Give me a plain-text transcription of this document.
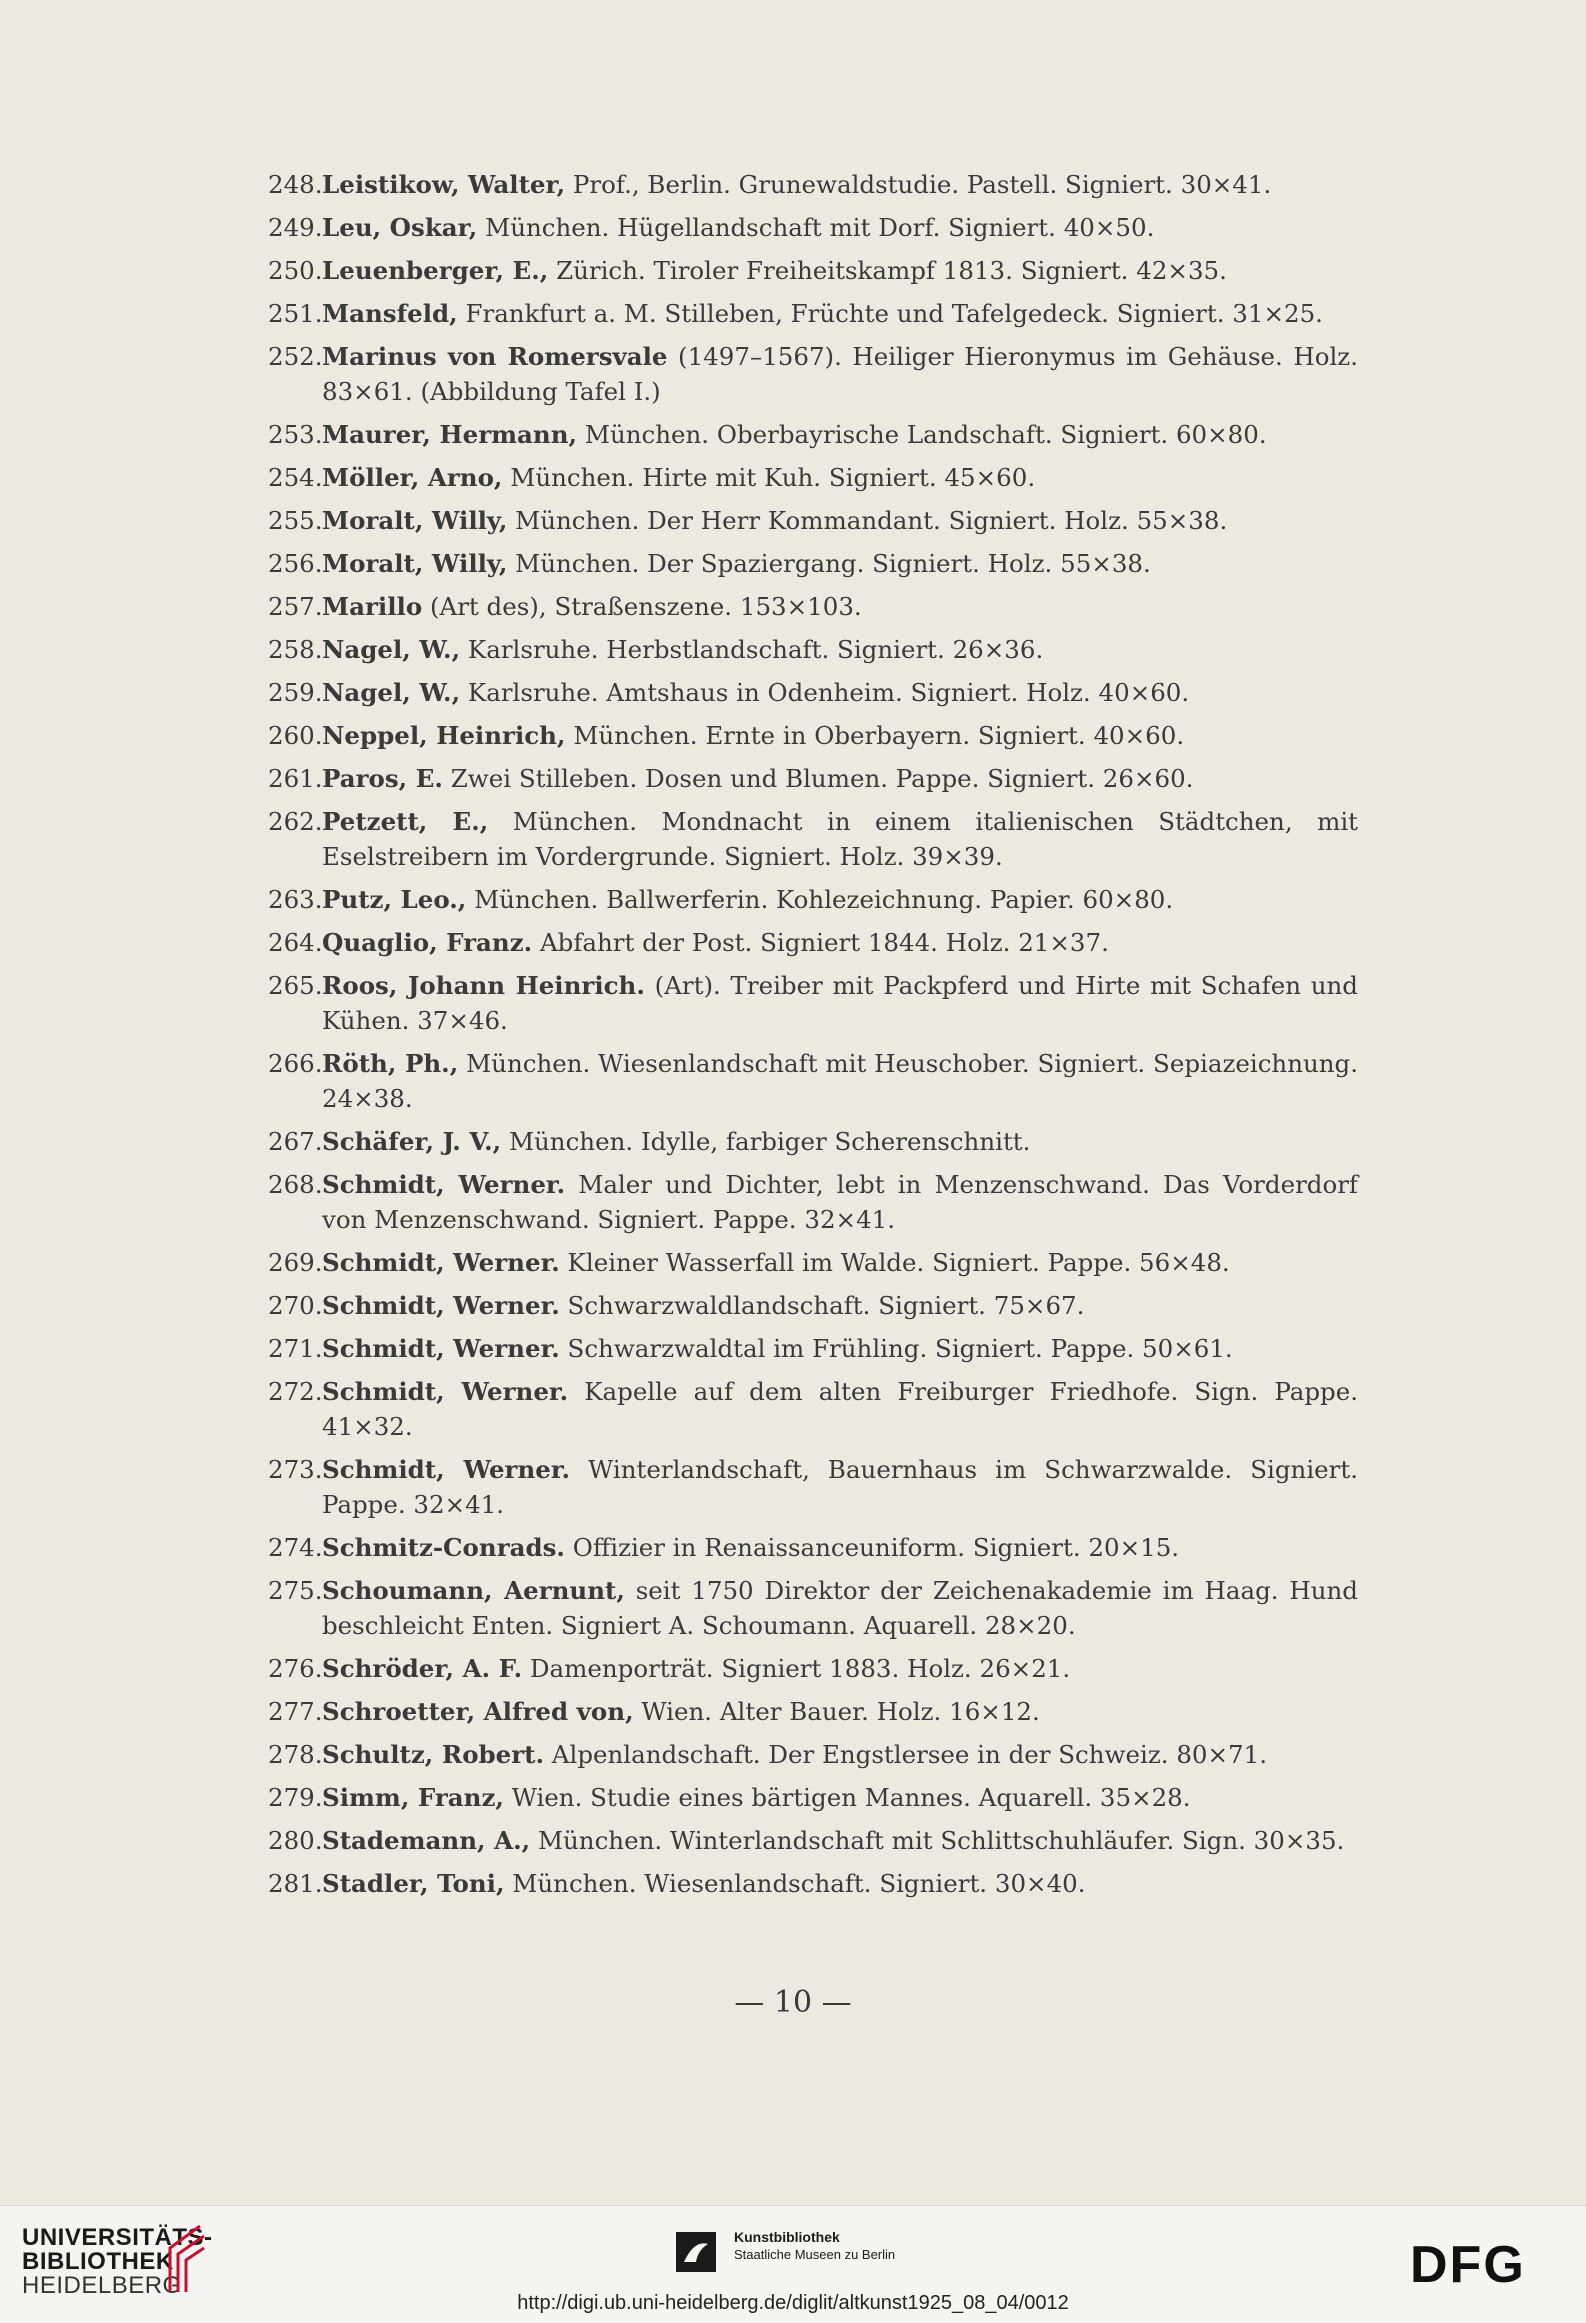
248. Leistikow, Walter, Prof., Berlin. Grunewaldstudie. Pastell. Signiert. 30×41.
249. Leu, Oskar, München. Hügellandschaft mit Dorf. Signiert. 40×50.
250. Leuenberger, E., Zürich. Tiroler Freiheitskampf 1813. Signiert. 42×35.
251. Mansfeld, Frankfurt a. M. Stilleben, Früchte und Tafelgedeck. Signiert. 31×25.
252. Marinus von Romersvale (1497–1567). Heiliger Hieronymus im Gehäuse. Holz. 83×61. (Abbildung Tafel I.)
253. Maurer, Hermann, München. Oberbayrische Landschaft. Signiert. 60×80.
254. Möller, Arno, München. Hirte mit Kuh. Signiert. 45×60.
255. Moralt, Willy, München. Der Herr Kommandant. Signiert. Holz. 55×38.
256. Moralt, Willy, München. Der Spaziergang. Signiert. Holz. 55×38.
257. Marillo (Art des), Straßenszene. 153×103.
258. Nagel, W., Karlsruhe. Herbstlandschaft. Signiert. 26×36.
259. Nagel, W., Karlsruhe. Amtshaus in Odenheim. Signiert. Holz. 40×60.
260. Neppel, Heinrich, München. Ernte in Oberbayern. Signiert. 40×60.
261. Paros, E. Zwei Stilleben. Dosen und Blumen. Pappe. Signiert. 26×60.
262. Petzett, E., München. Mondnacht in einem italienischen Städtchen, mit Eselstreibern im Vordergrunde. Signiert. Holz. 39×39.
263. Putz, Leo., München. Ballwerferin. Kohlezeichnung. Papier. 60×80.
264. Quaglio, Franz. Abfahrt der Post. Signiert 1844. Holz. 21×37.
265. Roos, Johann Heinrich. (Art). Treiber mit Packpferd und Hirte mit Schafen und Kühen. 37×46.
266. Röth, Ph., München. Wiesenlandschaft mit Heuschober. Signiert. Sepiazeichnung. 24×38.
267. Schäfer, J. V., München. Idylle, farbiger Scherenschnitt.
268. Schmidt, Werner. Maler und Dichter, lebt in Menzenschwand. Das Vorderdorf von Menzenschwand. Signiert. Pappe. 32×41.
269. Schmidt, Werner. Kleiner Wasserfall im Walde. Signiert. Pappe. 56×48.
270. Schmidt, Werner. Schwarzwaldlandschaft. Signiert. 75×67.
271. Schmidt, Werner. Schwarzwaldtal im Frühling. Signiert. Pappe. 50×61.
272. Schmidt, Werner. Kapelle auf dem alten Freiburger Friedhofe. Sign. Pappe. 41×32.
273. Schmidt, Werner. Winterlandschaft, Bauernhaus im Schwarzwalde. Signiert. Pappe. 32×41.
274. Schmitz-Conrads. Offizier in Renaissanceuniform. Signiert. 20×15.
275. Schoumann, Aernunt, seit 1750 Direktor der Zeichenakademie im Haag. Hund beschleicht Enten. Signiert A. Schoumann. Aquarell. 28×20.
276. Schröder, A. F. Damenporträt. Signiert 1883. Holz. 26×21.
277. Schroetter, Alfred von, Wien. Alter Bauer. Holz. 16×12.
278. Schultz, Robert. Alpenlandschaft. Der Engstlersee in der Schweiz. 80×71.
279. Simm, Franz, Wien. Studie eines bärtigen Mannes. Aquarell. 35×28.
280. Stademann, A., München. Winterlandschaft mit Schlittschuhläufer. Sign. 30×35.
281. Stadler, Toni, München. Wiesenlandschaft. Signiert. 30×40.
— 10 —
UNIVERSITÄTS-
BIBLIOTHEK
HEIDELBERG
Kunstbibliothek
Staatliche Museen zu Berlin	DFG
http://digi.ub.uni-heidelberg.de/diglit/altkunst1925_08_04/0012
